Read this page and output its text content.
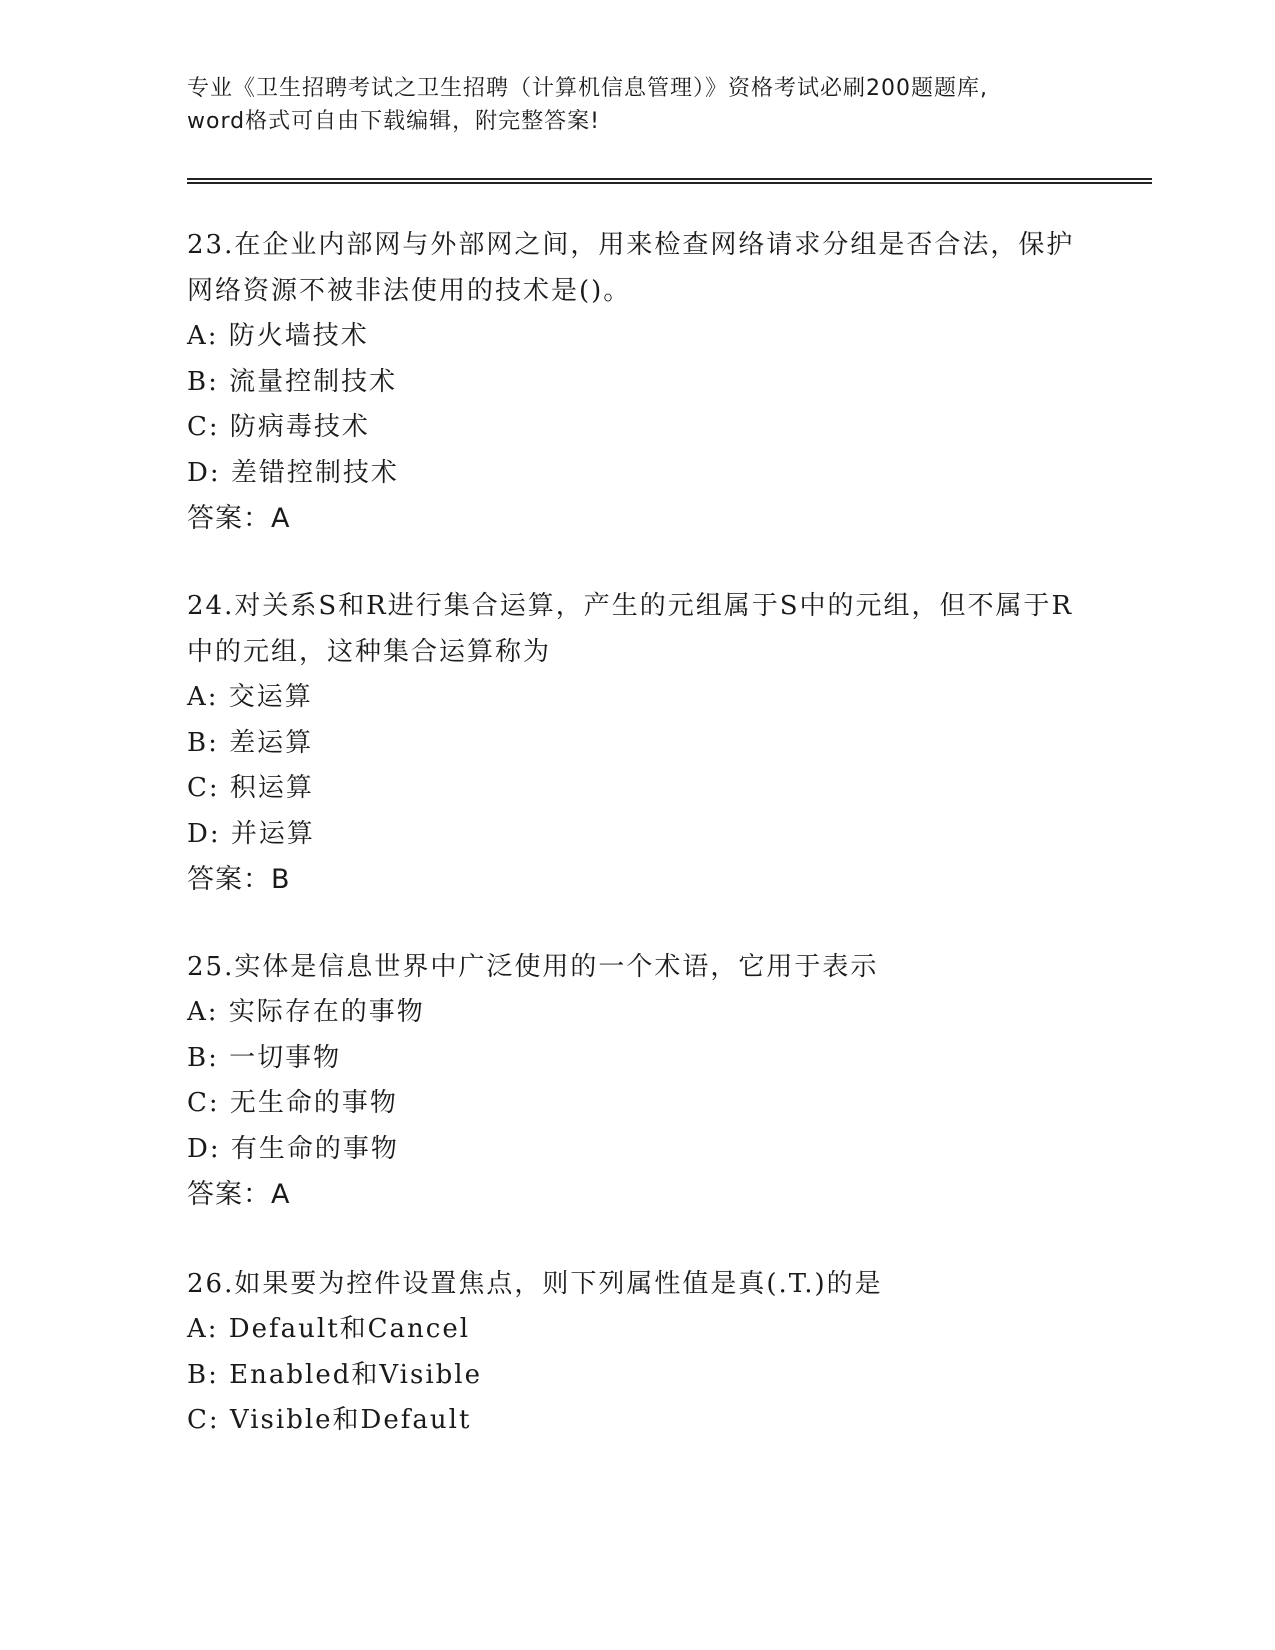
专业《卫生招聘考试之卫生招聘（计算机信息管理）》资格考试必刷200题题库,
word格式可自由下载编辑，附完整答案!
23.在企业内部网与外部网之间，用来检查网络请求分组是否合法，保护网络资源不被非法使用的技术是()。
A: 防火墙技术
B: 流量控制技术
C: 防病毒技术
D: 差错控制技术
答案：A
24.对关系S和R进行集合运算，产生的元组属于S中的元组，但不属于R中的元组，这种集合运算称为
A: 交运算
B: 差运算
C: 积运算
D: 并运算
答案：B
25.实体是信息世界中广泛使用的一个术语，它用于表示
A: 实际存在的事物
B: 一切事物
C: 无生命的事物
D: 有生命的事物
答案：A
26.如果要为控件设置焦点，则下列属性值是真(.T.)的是
A: Default和Cancel
B: Enabled和Visible
C: Visible和Default
